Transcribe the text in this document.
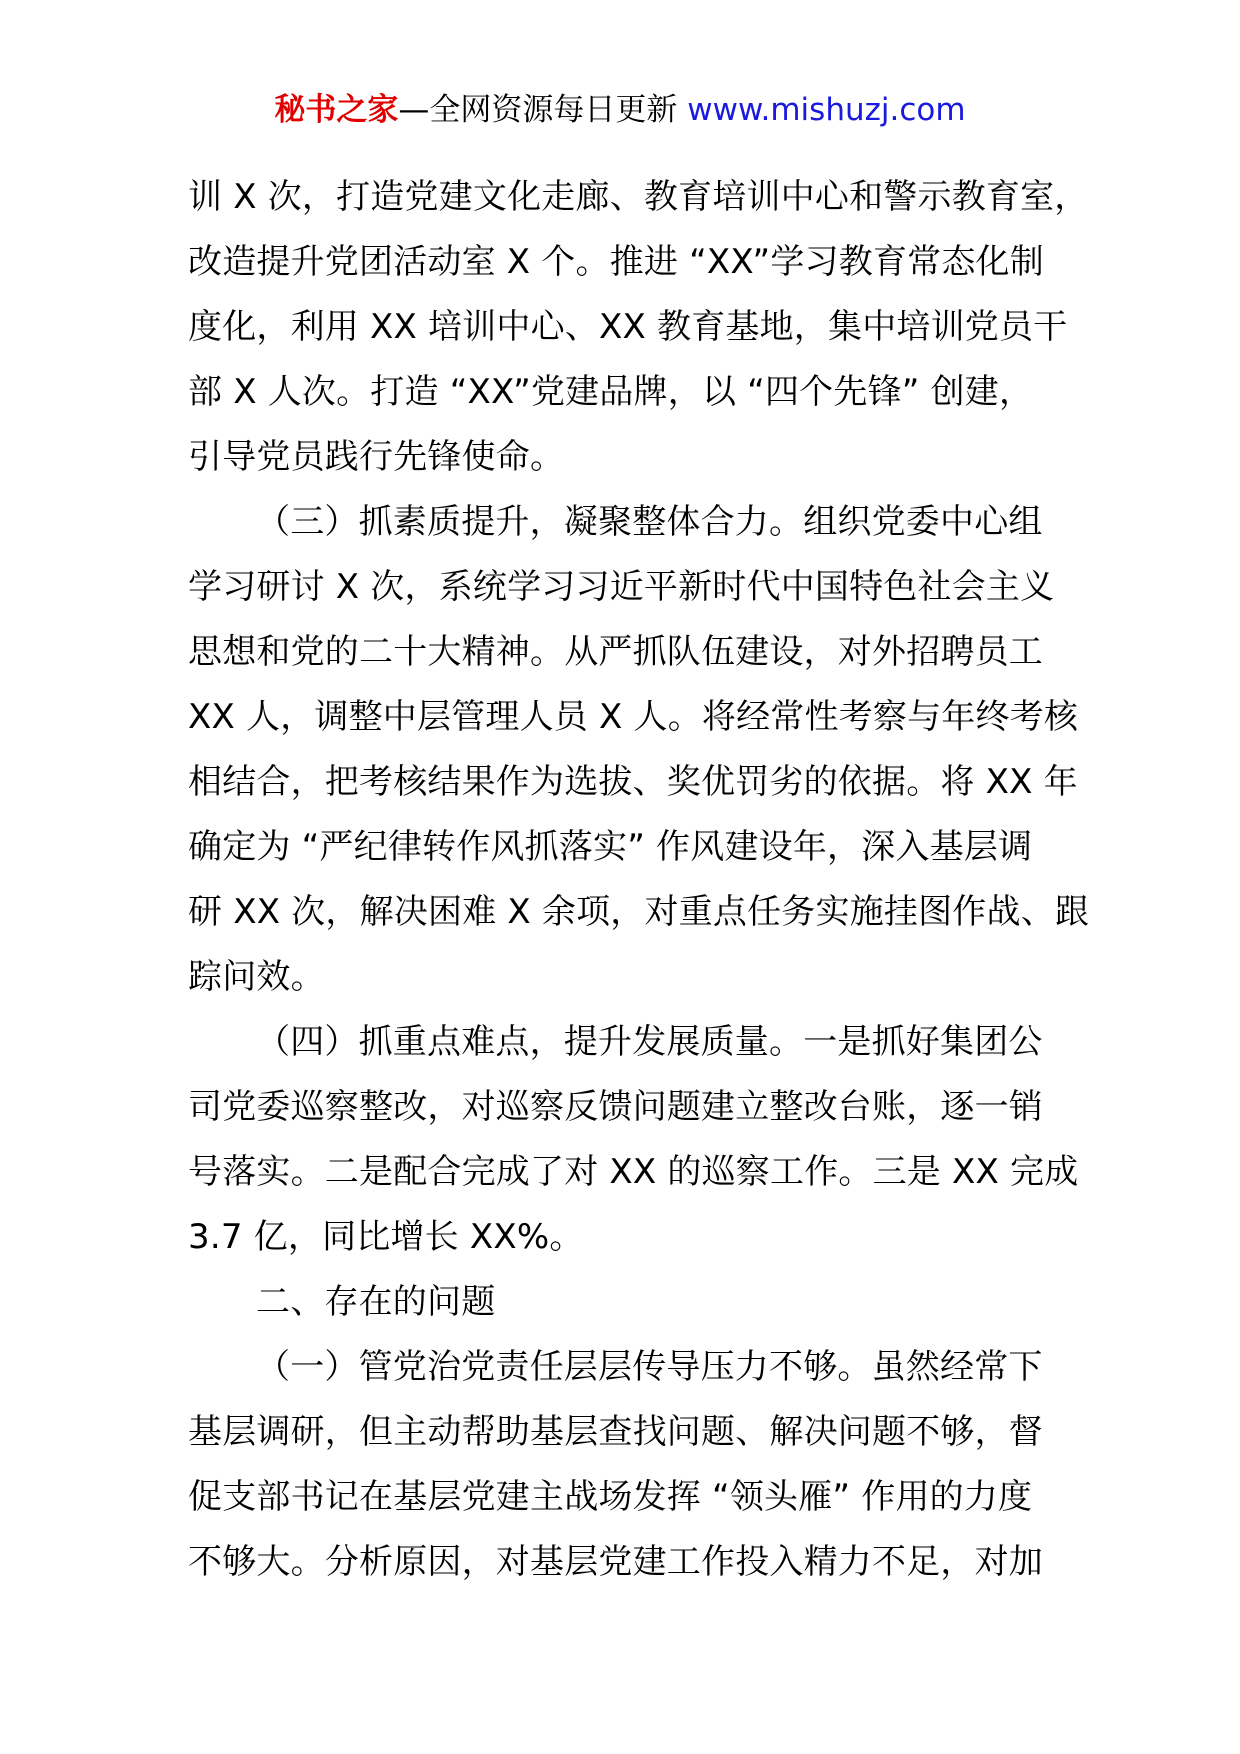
秘书之家—全网资源每日更新 www.mishuzj.com
训 X 次，打造党建文化走廊、教育培训中心和警示教育室，
改造提升党团活动室 X 个。推进 “XX”学习教育常态化制
度化，利用 XX 培训中心、XX 教育基地，集中培训党员干
部 X 人次。打造 “XX”党建品牌，以 “四个先锋” 创建，
引导党员践行先锋使命。
（三）抓素质提升，凝聚整体合力。组织党委中心组
学习研讨 X 次，系统学习习近平新时代中国特色社会主义
思想和党的二十大精神。从严抓队伍建设，对外招聘员工
XX 人，调整中层管理人员 X 人。将经常性考察与年终考核
相结合，把考核结果作为选拔、奖优罚劣的依据。将 XX 年
确定为 “严纪律转作风抓落实” 作风建设年，深入基层调
研 XX 次，解决困难 X 余项，对重点任务实施挂图作战、跟
踪问效。
（四）抓重点难点，提升发展质量。一是抓好集团公
司党委巡察整改，对巡察反馈问题建立整改台账，逐一销
号落实。二是配合完成了对 XX 的巡察工作。三是 XX 完成
3.7 亿，同比增长 XX%。
二、存在的问题
（一）管党治党责任层层传导压力不够。虽然经常下
基层调研，但主动帮助基层查找问题、解决问题不够，督
促支部书记在基层党建主战场发挥 “领头雁” 作用的力度
不够大。分析原因，对基层党建工作投入精力不足，对加
